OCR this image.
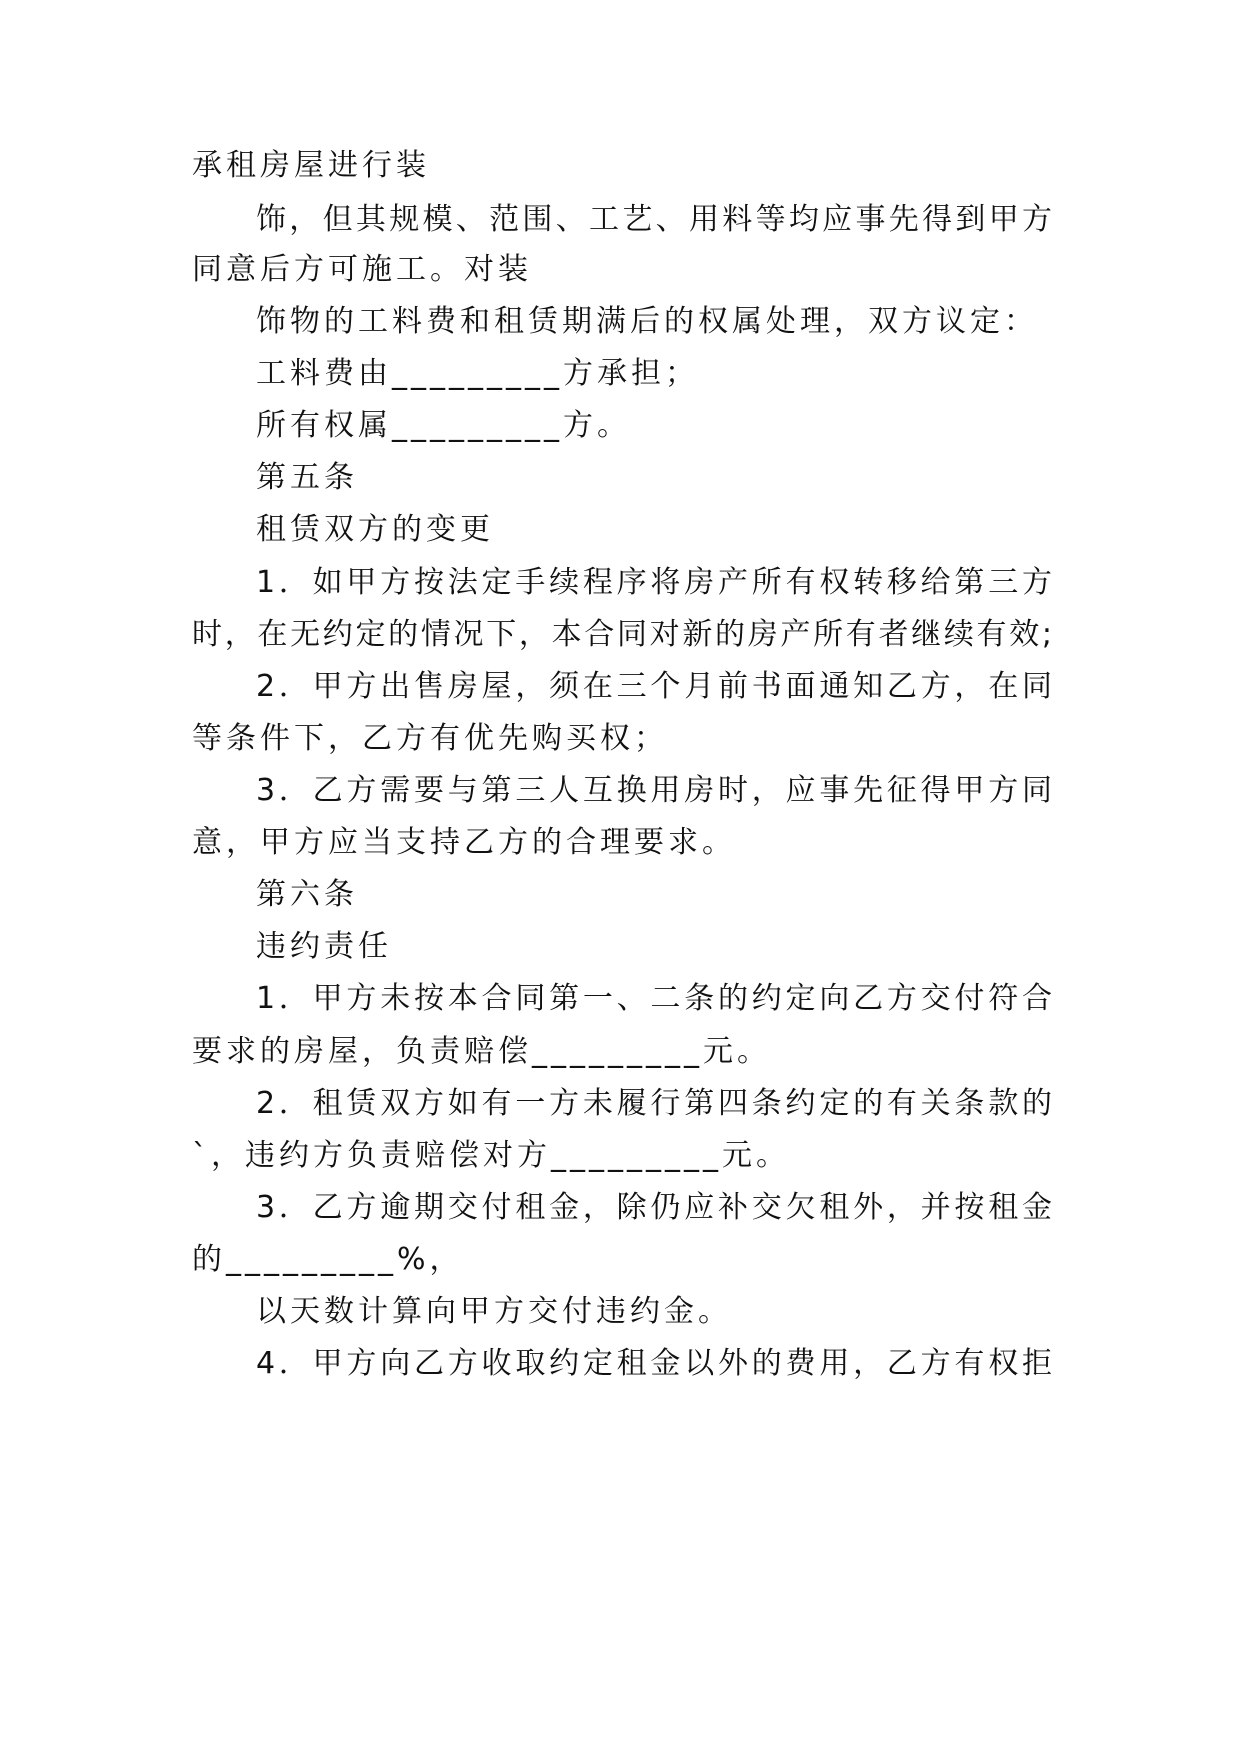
承租房屋进行装
饰，但其规模、范围、工艺、用料等均应事先得到甲方
同意后方可施工。对装
饰物的工料费和租赁期满后的权属处理，双方议定：
工料费由_________方承担；
所有权属_________方。
第五条
租赁双方的变更
1．如甲方按法定手续程序将房产所有权转移给第三方
时，在无约定的情况下，本合同对新的房产所有者继续有效;
2．甲方出售房屋，须在三个月前书面通知乙方，在同
等条件下，乙方有优先购买权；
3．乙方需要与第三人互换用房时，应事先征得甲方同
意，甲方应当支持乙方的合理要求。
第六条
违约责任
1．甲方未按本合同第一、二条的约定向乙方交付符合
要求的房屋，负责赔偿_________元。
2．租赁双方如有一方未履行第四条约定的有关条款的
`，违约方负责赔偿对方_________元。
3．乙方逾期交付租金，除仍应补交欠租外，并按租金
的_________%，
以天数计算向甲方交付违约金。
4．甲方向乙方收取约定租金以外的费用，乙方有权拒
